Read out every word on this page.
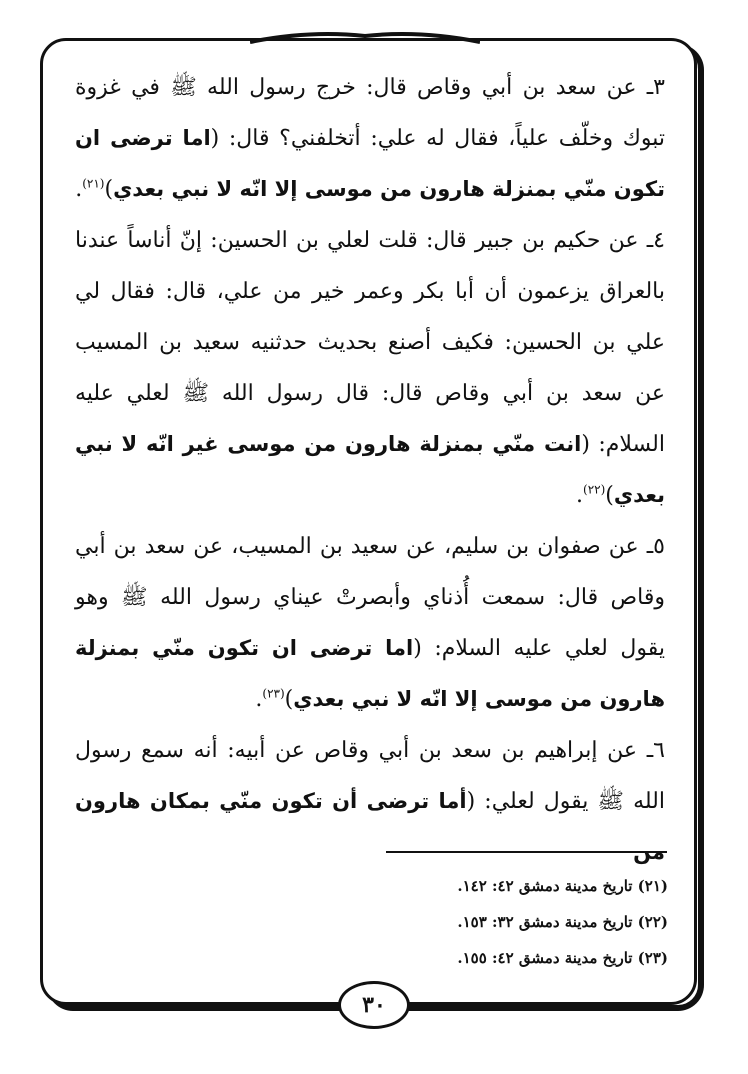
٣ـ عن سعد بن أبي وقاص قال: خرج رسول الله ﷺ في غزوة تبوك وخلّف علياً، فقال له علي: أتخلفني؟ قال: (اما ترضى ان تكون منّي بمنزلة هارون من موسى إلا انّه لا نبي بعدي)$^{(٢١)}$.

٤ـ عن حكيم بن جبير قال: قلت لعلي بن الحسين: إنّ أناساً عندنا بالعراق يزعمون أن أبا بكر وعمر خير من علي، قال: فقال لي علي بن الحسين: فكيف أصنع بحديث حدثنيه سعيد بن المسيب عن سعد بن أبي وقاص قال: قال رسول الله ﷺ لعلي عليه السلام: (انت منّي بمنزلة هارون من موسى غير انّه لا نبي بعدي)$^{(٢٢)}$.

٥ـ عن صفوان بن سليم، عن سعيد بن المسيب، عن سعد بن أبي وقاص قال: سمعت أُذناي وأبصرتْ عيناي رسول الله ﷺ وهو يقول لعلي عليه السلام: (اما ترضى ان تكون منّي بمنزلة هارون من موسى إلا انّه لا نبي بعدي)$^{(٢٣)}$.

٦ـ عن إبراهيم بن سعد بن أبي وقاص عن أبيه: أنه سمع رسول الله ﷺ يقول لعلي: (أما ترضى أن تكون منّي بمكان هارون من

(٢١) تاريخ مدينة دمشق ٤٢: ١٤٢.
(٢٢) تاريخ مدينة دمشق ٣٢: ١٥٣.
(٢٣) تاريخ مدينة دمشق ٤٢: ١٥٥.
٣٠
